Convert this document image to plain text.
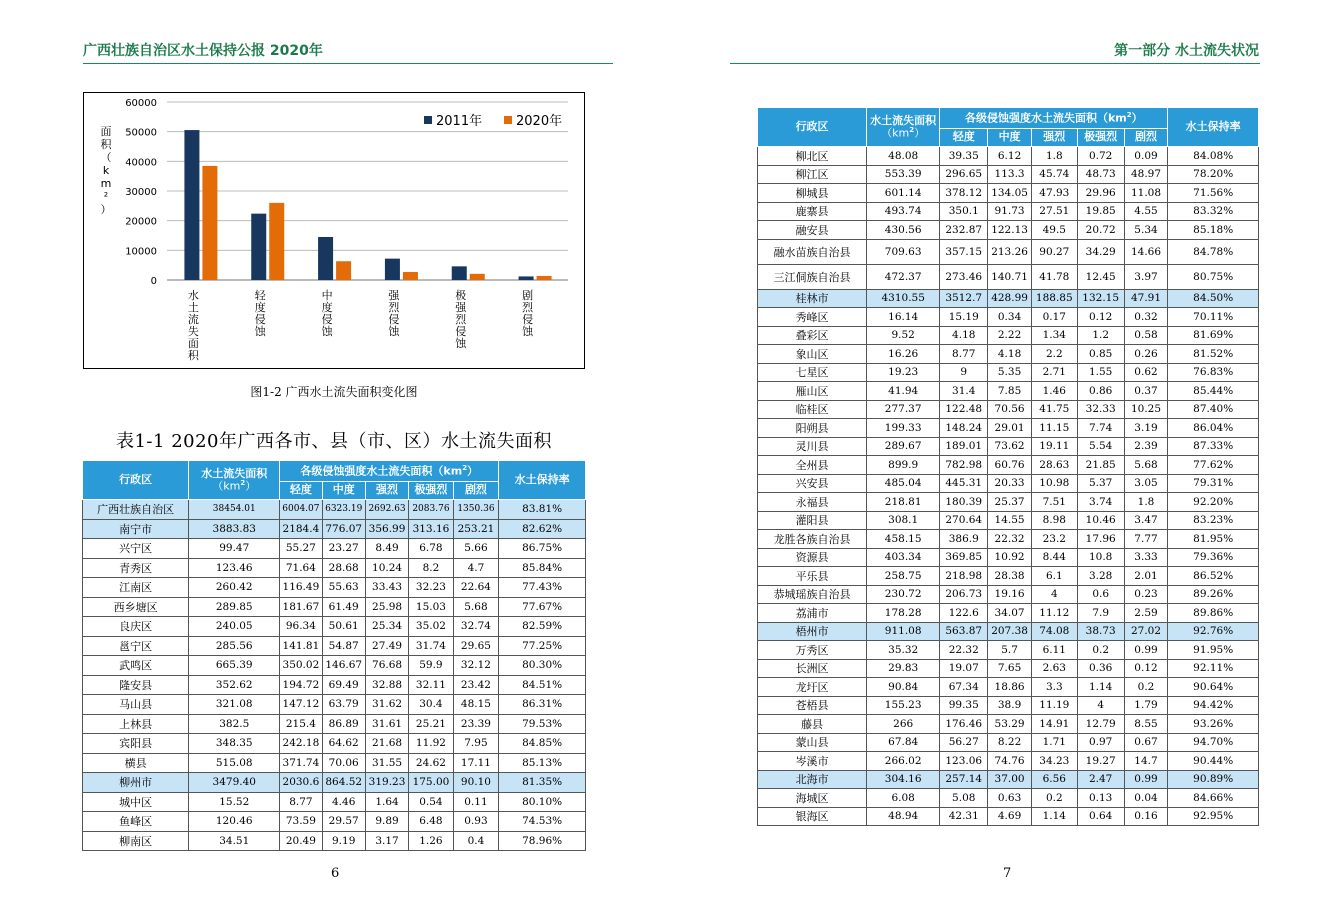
广西壮族自治区水土保持公报 2020年	第一部分 水土流失状况
0
10000
20000
30000
40000
50000
60000
水土流失面积
轻度侵蚀
中度侵蚀
强烈侵蚀
极强烈侵蚀
剧烈侵蚀
2011年	2020年
面积（ k m ² ）
图1-2 广西水土流失面积变化图
表1-1 2020年广西各市、县（市、区）水土流失面积
行政区	水土流失面积
$(km^2)$	各级侵蚀强度水土流失面积$(km^2)$					水土保持率
		轻度	中度	强烈	极强烈	剧烈	
广西壮族自治区	38454.01	6004.07	6323.19	2692.63	2083.76	1350.36	83.81%
南宁市	3883.83	2184.4	776.07	356.99	313.16	253.21	82.62%
兴宁区	99.47	55.27	23.27	8.49	6.78	5.66	86.75%
青秀区	123.46	71.64	28.68	10.24	8.2	4.7	85.84%
江南区	260.42	116.49	55.63	33.43	32.23	22.64	77.43%
西乡塘区	289.85	181.67	61.49	25.98	15.03	5.68	77.67%
良庆区	240.05	96.34	50.61	25.34	35.02	32.74	82.59%
邕宁区	285.56	141.81	54.87	27.49	31.74	29.65	77.25%
武鸣区	665.39	350.02	146.67	76.68	59.9	32.12	80.30%
隆安县	352.62	194.72	69.49	32.88	32.11	23.42	84.51%
马山县	321.08	147.12	63.79	31.62	30.4	48.15	86.31%
上林县	382.5	215.4	86.89	31.61	25.21	23.39	79.53%
宾阳县	348.35	242.18	64.62	21.68	11.92	7.95	84.85%
横县	515.08	371.74	70.06	31.55	24.62	17.11	85.13%
柳州市	3479.40	2030.6	864.52	319.23	175.00	90.10	81.35%
城中区	15.52	8.77	4.46	1.64	0.54	0.11	80.10%
鱼峰区	120.46	73.59	29.57	9.89	6.48	0.93	74.53%
柳南区	34.51	20.49	9.19	3.17	1.26	0.4	78.96%
行政区	水土流失面积
$(km^2)$	各级侵蚀强度水土流失面积$(km^2)$					水土保持率
		轻度	中度	强烈	极强烈	剧烈	
柳北区	48.08	39.35	6.12	1.8	0.72	0.09	84.08%
柳江区	553.39	296.65	113.3	45.74	48.73	48.97	78.20%
柳城县	601.14	378.12	134.05	47.93	29.96	11.08	71.56%
鹿寨县	493.74	350.1	91.73	27.51	19.85	4.55	83.32%
融安县	430.56	232.87	122.13	49.5	20.72	5.34	85.18%
融水苗族自治县	709.63	357.15	213.26	90.27	34.29	14.66	84.78%
三江侗族自治县	472.37	273.46	140.71	41.78	12.45	3.97	80.75%
桂林市	4310.55	3512.7	428.99	188.85	132.15	47.91	84.50%
秀峰区	16.14	15.19	0.34	0.17	0.12	0.32	70.11%
叠彩区	9.52	4.18	2.22	1.34	1.2	0.58	81.69%
象山区	16.26	8.77	4.18	2.2	0.85	0.26	81.52%
七星区	19.23	9	5.35	2.71	1.55	0.62	76.83%
雁山区	41.94	31.4	7.85	1.46	0.86	0.37	85.44%
临桂区	277.37	122.48	70.56	41.75	32.33	10.25	87.40%
阳朔县	199.33	148.24	29.01	11.15	7.74	3.19	86.04%
灵川县	289.67	189.01	73.62	19.11	5.54	2.39	87.33%
全州县	899.9	782.98	60.76	28.63	21.85	5.68	77.62%
兴安县	485.04	445.31	20.33	10.98	5.37	3.05	79.31%
永福县	218.81	180.39	25.37	7.51	3.74	1.8	92.20%
灌阳县	308.1	270.64	14.55	8.98	10.46	3.47	83.23%
龙胜各族自治县	458.15	386.9	22.32	23.2	17.96	7.77	81.95%
资源县	403.34	369.85	10.92	8.44	10.8	3.33	79.36%
平乐县	258.75	218.98	28.38	6.1	3.28	2.01	86.52%
恭城瑶族自治县	230.72	206.73	19.16	4	0.6	0.23	89.26%
荔浦市	178.28	122.6	34.07	11.12	7.9	2.59	89.86%
梧州市	911.08	563.87	207.38	74.08	38.73	27.02	92.76%
万秀区	35.32	22.32	5.7	6.11	0.2	0.99	91.95%
长洲区	29.83	19.07	7.65	2.63	0.36	0.12	92.11%
龙圩区	90.84	67.34	18.86	3.3	1.14	0.2	90.64%
苍梧县	155.23	99.35	38.9	11.19	4	1.79	94.42%
藤县	266	176.46	53.29	14.91	12.79	8.55	93.26%
蒙山县	67.84	56.27	8.22	1.71	0.97	0.67	94.70%
岑溪市	266.02	123.06	74.76	34.23	19.27	14.7	90.44%
北海市	304.16	257.14	37.00	6.56	2.47	0.99	90.89%
海城区	6.08	5.08	0.63	0.2	0.13	0.04	84.66%
银海区	48.94	42.31	4.69	1.14	0.64	0.16	92.95%
6	7
